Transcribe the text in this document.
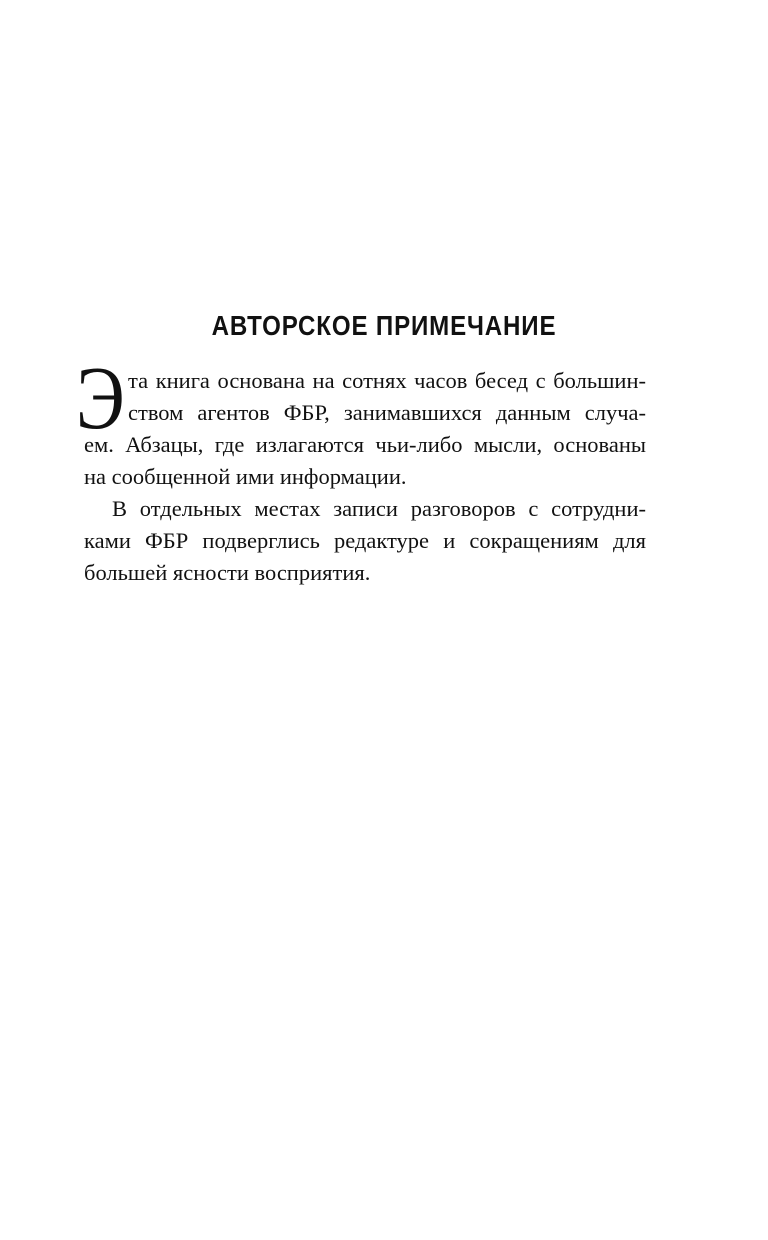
АВТОРСКОЕ ПРИМЕЧАНИЕ
Э та книга основана на сотнях часов бесед с большин-

ством агентов ФБР, занимавшихся данным случа-

ем. Абзацы, где излагаются чьи-либо мысли, основаны

на сообщенной ими информации.

В отдельных местах записи разговоров с сотрудни-

ками ФБР подверглись редактуре и сокращениям для

большей ясности восприятия.
